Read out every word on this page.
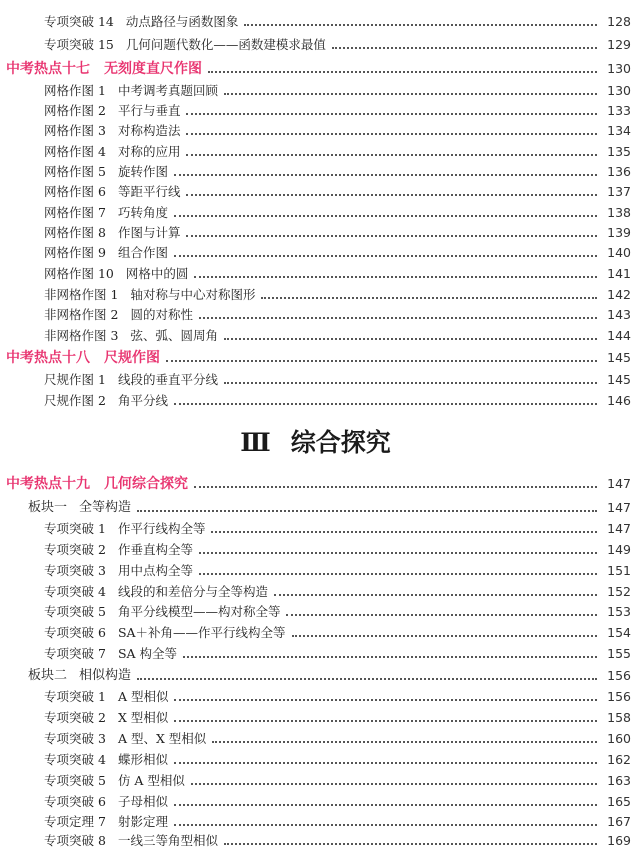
专项突破 14 动点路径与函数图象	128
专项突破 15 几何问题代数化——函数建模求最值	129
中考热点十七 无刻度直尺作图	130
网格作图 1 中考调考真题回顾	130
网格作图 2 平行与垂直	133
网格作图 3 对称构造法	134
网格作图 4 对称的应用	135
网格作图 5 旋转作图	136
网格作图 6 等距平行线	137
网格作图 7 巧转角度	138
网格作图 8 作图与计算	139
网格作图 9 组合作图	140
网格作图 10 网格中的圆	141
非网格作图 1 轴对称与中心对称图形	142
非网格作图 2 圆的对称性	143
非网格作图 3 弦、弧、圆周角	144
中考热点十八 尺规作图	145
尺规作图 1 线段的垂直平分线	145
尺规作图 2 角平分线	146
Ⅲ 综合探究
中考热点十九 几何综合探究	147
板块一 全等构造	147
专项突破 1 作平行线构全等	147
专项突破 2 作垂直构全等	149
专项突破 3 用中点构全等	151
专项突破 4 线段的和差倍分与全等构造	152
专项突破 5 角平分线模型——构对称全等	153
专项突破 6 SA＋补角——作平行线构全等	154
专项突破 7 SA 构全等	155
板块二 相似构造	156
专项突破 1 A 型相似	156
专项突破 2 X 型相似	158
专项突破 3 A 型、X 型相似	160
专项突破 4 蝶形相似	162
专项突破 5 仿 A 型相似	163
专项突破 6 子母相似	165
专项定理 7 射影定理	167
专项突破 8 一线三等角型相似	169
